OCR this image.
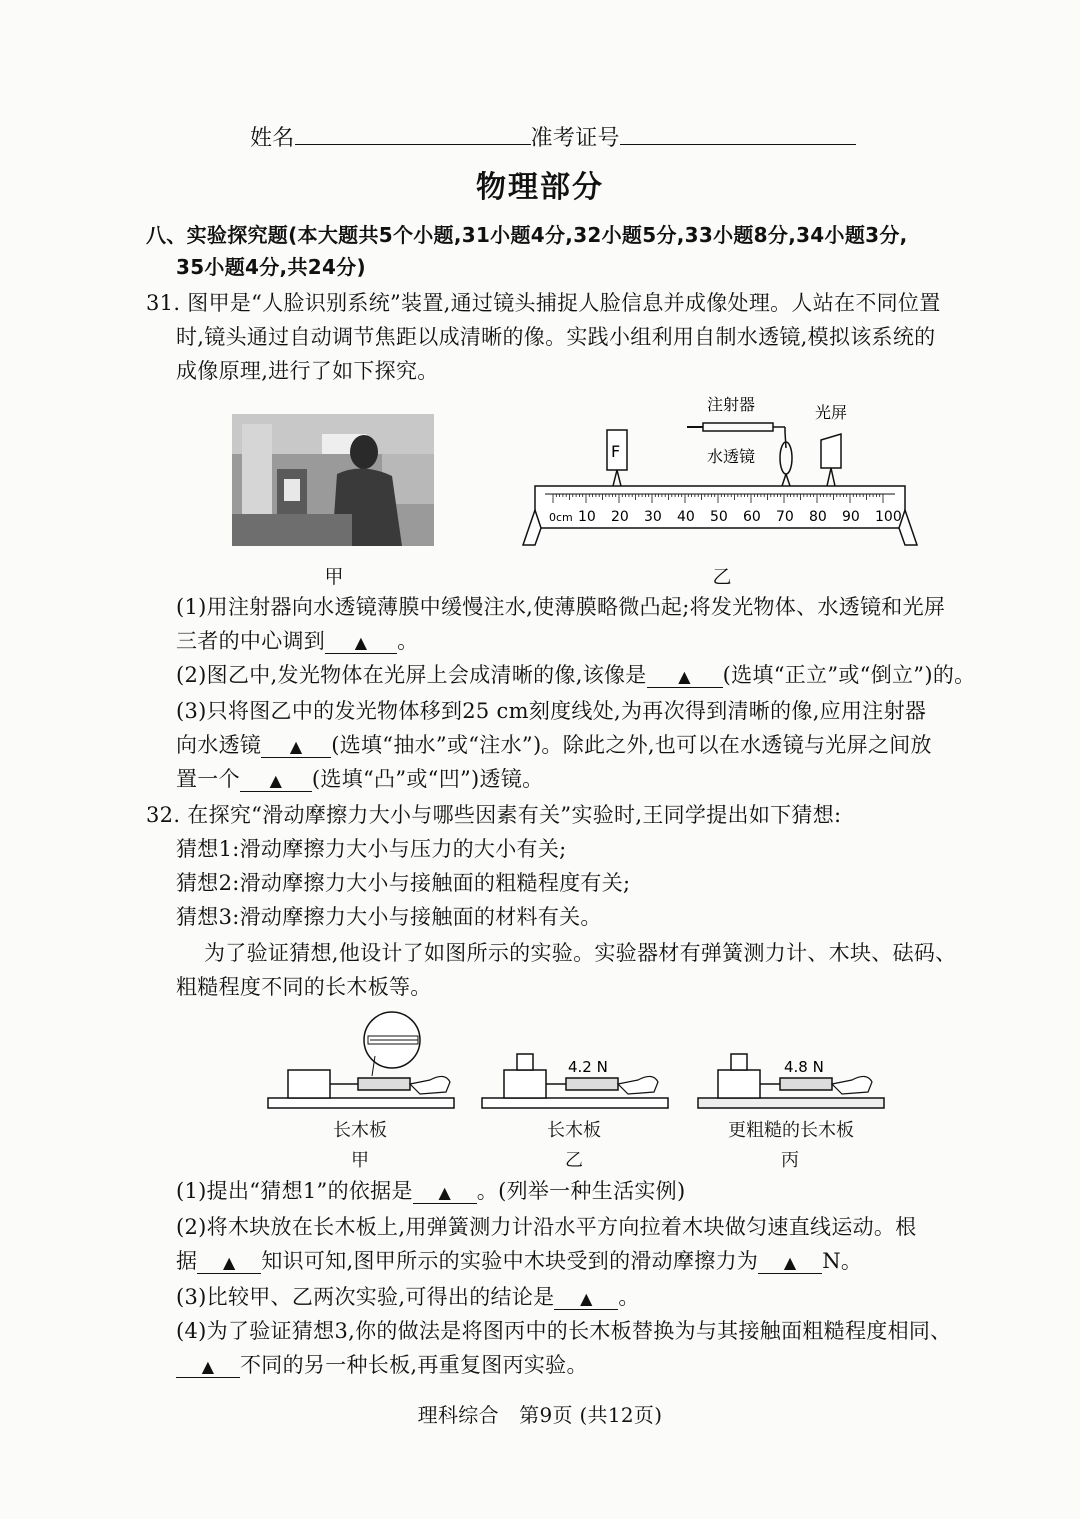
姓名	准考证号
物理部分
八、实验探究题(本大题共5个小题,31小题4分,32小题5分,33小题8分,34小题3分,
35小题4分,共24分)
31. 图甲是“人脸识别系统”装置,通过镜头捕捉人脸信息并成像处理。人站在不同位置
时,镜头通过自动调节焦距以成清晰的像。实践小组利用自制水透镜,模拟该系统的
成像原理,进行了如下探究。
注射器	光屏
水透镜
F
0cm 10 20 30 40 50 60 70 80 90 100
甲	乙
(1)用注射器向水透镜薄膜中缓慢注水,使薄膜略微凸起;将发光物体、水透镜和光屏
三者的中心调到 ▲ 。
(2)图乙中,发光物体在光屏上会成清晰的像,该像是 ▲ (选填“正立”或“倒立”)的。
(3)只将图乙中的发光物体移到25 cm刻度线处,为再次得到清晰的像,应用注射器
向水透镜 ▲ (选填“抽水”或“注水”)。除此之外,也可以在水透镜与光屏之间放
置一个 ▲ (选填“凸”或“凹”)透镜。
32. 在探究“滑动摩擦力大小与哪些因素有关”实验时,王同学提出如下猜想:
猜想1:滑动摩擦力大小与压力的大小有关;
猜想2:滑动摩擦力大小与接触面的粗糙程度有关;
猜想3:滑动摩擦力大小与接触面的材料有关。
为了验证猜想,他设计了如图所示的实验。实验器材有弹簧测力计、木块、砝码、
粗糙程度不同的长木板等。
4.2 N	4.8 N
长木板	长木板	更粗糙的长木板
甲	乙	丙
(1)提出“猜想1”的依据是 ▲ 。(列举一种生活实例)
(2)将木块放在长木板上,用弹簧测力计沿水平方向拉着木块做匀速直线运动。根
据 ▲ 知识可知,图甲所示的实验中木块受到的滑动摩擦力为 ▲ N。
(3)比较甲、乙两次实验,可得出的结论是 ▲ 。
(4)为了验证猜想3,你的做法是将图丙中的长木板替换为与其接触面粗糙程度相同、
▲ 不同的另一种长板,再重复图丙实验。
理科综合　第9页 (共12页)
